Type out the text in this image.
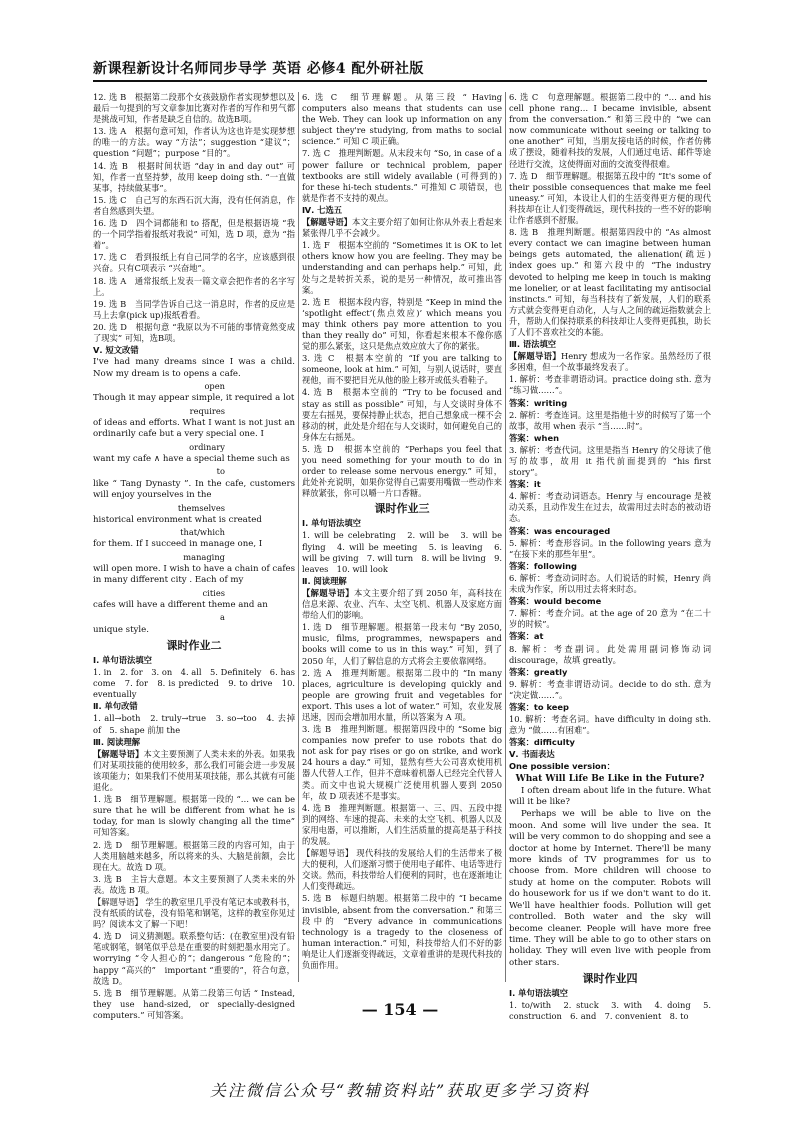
新课程新设计名师同步导学 英语 必修4 配外研社版

12. 选 B　根据第二段那个女孩鼓励作者实现梦想以及最后一句提到的写文章参加比赛对作者的写作和男气都是挑战可知，作者是缺乏自信的。故选B项。

13. 选 A　根据句意可知，作者认为这也许是实现梦想的唯一的方法。way “方法”；suggestion “建议”；question “问题”；purpose “目的”。

14. 选 B　根据时间状语 “day in and day out” 可知，作者一直坚持梦，故用 keep doing sth. “一直做某事，持续做某事”。

15. 选 C　自己写的东西石沉大海，没有任何消息，作者自然感到失望。

16. 选 D　四个词都能和 to 搭配，但是根据语境 “我的一个同学指着报纸对我说” 可知，选 D 项，意为 “指着”。

17. 选 C　看到报纸上有自己同学的名字，应该感到很兴奋。只有C项表示 “兴奋地”。

18. 选 A　通常报纸上发表一篇文章会把作者的名字写上。

19. 选 B　当同学告诉自己这一消息时，作者的反应是马上去拿(pick up)报纸看看。

20. 选 D　根据句意 “我原以为不可能的事情竟然变成了现实” 可知，选B项。

Ⅴ. 短文改错

I've had many dreams since I was a child. Now my dream is to opens a cafe.

open

Though it may appear simple, it required a lot

requires

of ideas and efforts. What I want is not just an ordinarily cafe but a very special one. I

ordinary

want my cafe ∧ have a special theme such as

to

like “ Tang Dynasty ”. In the cafe, customers will enjoy yourselves in the

themselves

historical environment what is created

that/which

for them. If I succeed in manage one, I

managing

will open more. I wish to have a chain of cafes in many different city . Each of my

cities

cafes will have a different theme and an

a

unique style.

课时作业二

Ⅰ. 单句语法填空

1. in　2. for　3. on　4. all　5. Definitely　6. has come　7. for　8. is predicted　9. to drive　10. eventually

Ⅱ. 单句改错

1. all→both　2. truly→true　3. so→too　4. 去掉 of　5. shape 前加 the

Ⅲ. 阅读理解

【解题导语】本文主要预测了人类未来的外表。如果我们对某项技能的使用较多，那么我们可能会进一步发展该项能力；如果我们不使用某项技能，那么其就有可能退化。

1. 选 B　细节理解题。根据第一段的 “… we can be sure that he will be different from what he is today, for man is slowly changing all the time” 可知答案。

2. 选 D　细节理解题。根据第三段的内容可知，由于人类用脑越来越多，所以将来的头、大脑是前额，会比现在大。故选 D 项。

3. 选 B　主旨大意题。本文主要预测了人类未来的外表。故选 B 项。

【解题导语】 学生的教室里几乎没有笔记本或教科书，没有纸质的试卷，没有铅笔和钢笔，这样的教室你见过吗？阅读本文了解一下吧！

4. 选 D　词义猜测题。联系整句话：(在教室里)没有铅笔或钢笔，钢笔似乎总是在重要的时刻把墨水用完了。worrying “令人担心的”；dangerous “危险的”；happy “高兴的”　important “重要的”，符合句意，故选 D。

5. 选 B　细节理解题。从第二段第三句话 “ Instead, they use hand-sized, or specially-designed computers.” 可知答案。

6. 选 C　细节理解题。从第三段 “ Having computers also means that students can use the Web. They can look up information on any subject they're studying, from maths to social science.” 可知 C 项正确。

7. 选 C　推理判断题。从末段末句 “So, in case of a power failure or technical problem, paper textbooks are still widely available (可得到的) for these hi-tech students.” 可推知 C 项错误，也就是作者不支持的观点。

Ⅳ. 七选五

【解题导语】本文主要介绍了如何让你从外表上看起来紧张得几乎不会减少。

1. 选 F　根据本空前的 “Sometimes it is OK to let others know how you are feeling. They may be understanding and can perhaps help.” 可知，此处与之是转折关系，说的是另一种情况，故可推出答案。

2. 选 E　根据本段内容，特别是 “Keep in mind the ‘spotlight effect’(焦点效应)’ which means you may think others pay more attention to you than they really do” 可知，你看起来根本不像你感觉的那么紧张，这只是焦点效应放大了你的紧张。

3. 选 C　根据本空前的 “If you are talking to someone, look at him.” 可知，与别人说话时，要直视他，而不要把目光从他的脸上移开或低头看鞋子。

4. 选 B　根据本空前的 “Try to be focused and stay as still as possible” 可知，与人交谈时身体不要左右摇晃，要保持静止状态，把自己想象成一棵不会移动的树，此处是介绍在与人交谈时，如何避免自己的身体左右摇晃。

5. 选 D　根据本空前的 “Perhaps you feel that you need something for your mouth to do in order to release some nervous energy.” 可知，此处补充说明，如果你觉得自己需要用嘴做一些动作来释放紧张，你可以嚼一片口香糖。

课时作业三

Ⅰ. 单句语法填空

1. will be celebrating　2. will be　3. will be flying　4. will be meeting　5. is leaving　6. will be giving　7. will turn　8. will be living　9. leaves　10. will look

Ⅱ. 阅读理解

【解题导语】本文主要介绍了到 2050 年，高科技在信息来源、农业、汽车、太空飞机、机器人及家庭方面带给人们的影响。

1. 选 D　细节理解题。根据第一段末句 “By 2050, music, films, programmes, newspapers and books will come to us in this way.” 可知，到了 2050 年，人们了解信息的方式将会主要依靠网络。

2. 选 A　推理判断题。根据第二段中的 “In many places, agriculture is developing quickly and people are growing fruit and vegetables for export. This uses a lot of water.” 可知，农业发展迅速，因而会增加用水量，所以答案为 A 项。

3. 选 B　推理判断题。根据第四段中的 “Some big companies now prefer to use robots that do not ask for pay rises or go on strike, and work 24 hours a day.” 可知，显然有些大公司喜欢使用机器人代替人工作，但并不意味着机器人已经完全代替人类。而文中也说大规模广泛使用机器人要到 2050 年，故 D 项表述不是事实。

4. 选 B　推理判断题。根据第一、三、四、五段中提到的网络、车速的提高、未来的太空飞机、机器人以及家用电器，可以推断，人们生活质量的提高是基于科技的发展。

【解题导语】 现代科技的发展给人们的生活带来了极大的便利，人们逐渐习惯于使用电子邮件、电话等进行交谈。然而，科技带给人们便利的同时，也在逐渐地让人们变得疏远。

5. 选 B　标题归纳题。根据第二段中的 “I became invisible, absent from the conversation.” 和第三段中的 “Every advance in communications technology is a tragedy to the closeness of human interaction.” 可知，科技带给人们不好的影响是让人们逐渐变得疏远，文章着重讲的是现代科技的负面作用。

6. 选 C　句意理解题。根据第二段中的 “… and his cell phone rang… I became invisible, absent from the conversation.” 和第三段中的 “we can now communicate without seeing or talking to one another” 可知，当朋友接电话的时候，作者仿佛成了摆设，随着科技的发展，人们通过电话、邮件等途径进行交流，这使得面对面的交流变得很难。

7. 选 D　细节理解题。根据第五段中的 “It's some of their possible consequences that make me feel uneasy.” 可知，本设让人们的生活变得更方便的现代科技却在让人们变得疏远，现代科技的一些不好的影响让作者感到不舒服。

8. 选 B　推理判断题。根据第四段中的 “As almost every contact we can imagine between human beings gets automated, the alienation(疏远) index goes up.” 和第六段中的 “The industry devoted to helping me keep in touch is making me lonelier, or at least facilitating my antisocial instincts.” 可知，每当科技有了新发展，人们的联系方式就会变得更自动化，人与人之间的疏远指数就会上升，帮助人们保持联系的科技却让人变得更孤独，助长了人们不喜欢社交的本能。

Ⅲ. 语法填空

【解题导语】Henry 想成为一名作家。虽然经历了很多困难，但一个故事最终发表了。

1. 解析：考查非谓语动词。practice doing sth. 意为 “练习做……”。

答案：writing

2. 解析：考查连词。这里是指他十岁的时候写了第一个故事，故用 when 表示 “当……时”。

答案：when

3. 解析：考查代词。这里是指当 Henry 的父母读了他写的故事，故用 it 指代前面提到的 “his first story”。

答案：it

4. 解析：考查动词语态。Henry 与 encourage 是被动关系，且动作发生在过去，故需用过去时态的被动语态。

答案：was encouraged

5. 解析：考查形容词。in the following years 意为 “在接下来的那些年里”。

答案：following

6. 解析：考查动词时态。人们说话的时候，Henry 尚未成为作家，所以用过去将来时态。

答案：would become

7. 解析：考查介词。at the age of 20 意为 “在二十岁的时候”。

答案：at

8. 解析：考查副词。此处需用副词修饰动词 discourage，故填 greatly。

答案：greatly

9. 解析：考查非谓语动词。decide to do sth. 意为 “决定做……”。

答案：to keep

10. 解析：考查名词。have difficulty in doing sth. 意为 “做……有困难”。

答案：difficulty

Ⅴ. 书面表达

One possible version：

What Will Life Be Like in the Future?

I often dream about life in the future. What will it be like?

Perhaps we will be able to live on the moon. And some will live under the sea. It will be very common to do shopping and see a doctor at home by Internet. There'll be many more kinds of TV programmes for us to choose from. More children will choose to study at home on the computer. Robots will do housework for us if we don't want to do it. We'll have healthier foods. Pollution will get controlled. Both water and the sky will become cleaner. People will have more free time. They will be able to go to other stars on holiday. They will even live with people from other stars.

课时作业四

Ⅰ. 单句语法填空

1. to/with　2. stuck　3. with　4. doing　5. construction　6. and　7. convenient　8. to

— 154 —
关注微信公众号“教辅资料站”获取更多学习资料
